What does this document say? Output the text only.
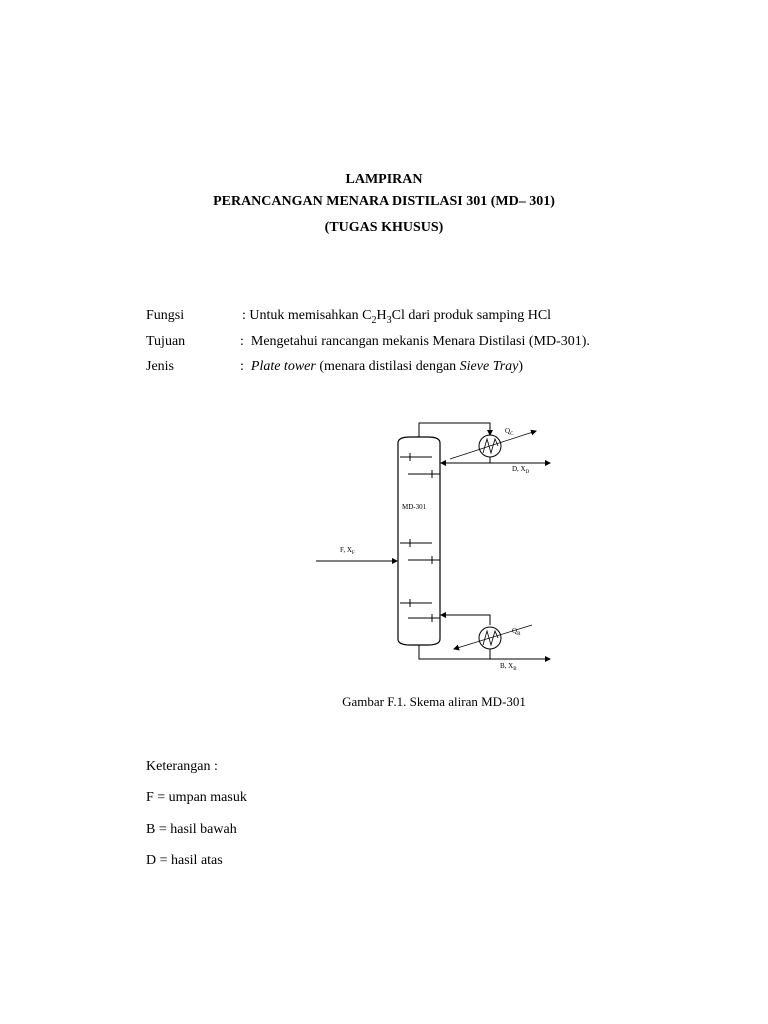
LAMPIRAN
PERANCANGAN MENARA DISTILASI 301 (MD– 301)
(TUGAS KHUSUS)
Fungsi	: Untuk memisahkan $C_2H_3Cl$ dari produk samping HCl
Tujuan	: Mengetahui rancangan mekanis Menara Distilasi (MD-301).
Jenis	: Plate tower (menara distilasi dengan Sieve Tray)
MD-301
F, $X_F$
$Q_C$
D, $X_D$
$Q_R$
B, $X_B$
Gambar F.1. Skema aliran MD-301
Keterangan :
F = umpan masuk
B = hasil bawah
D = hasil atas
